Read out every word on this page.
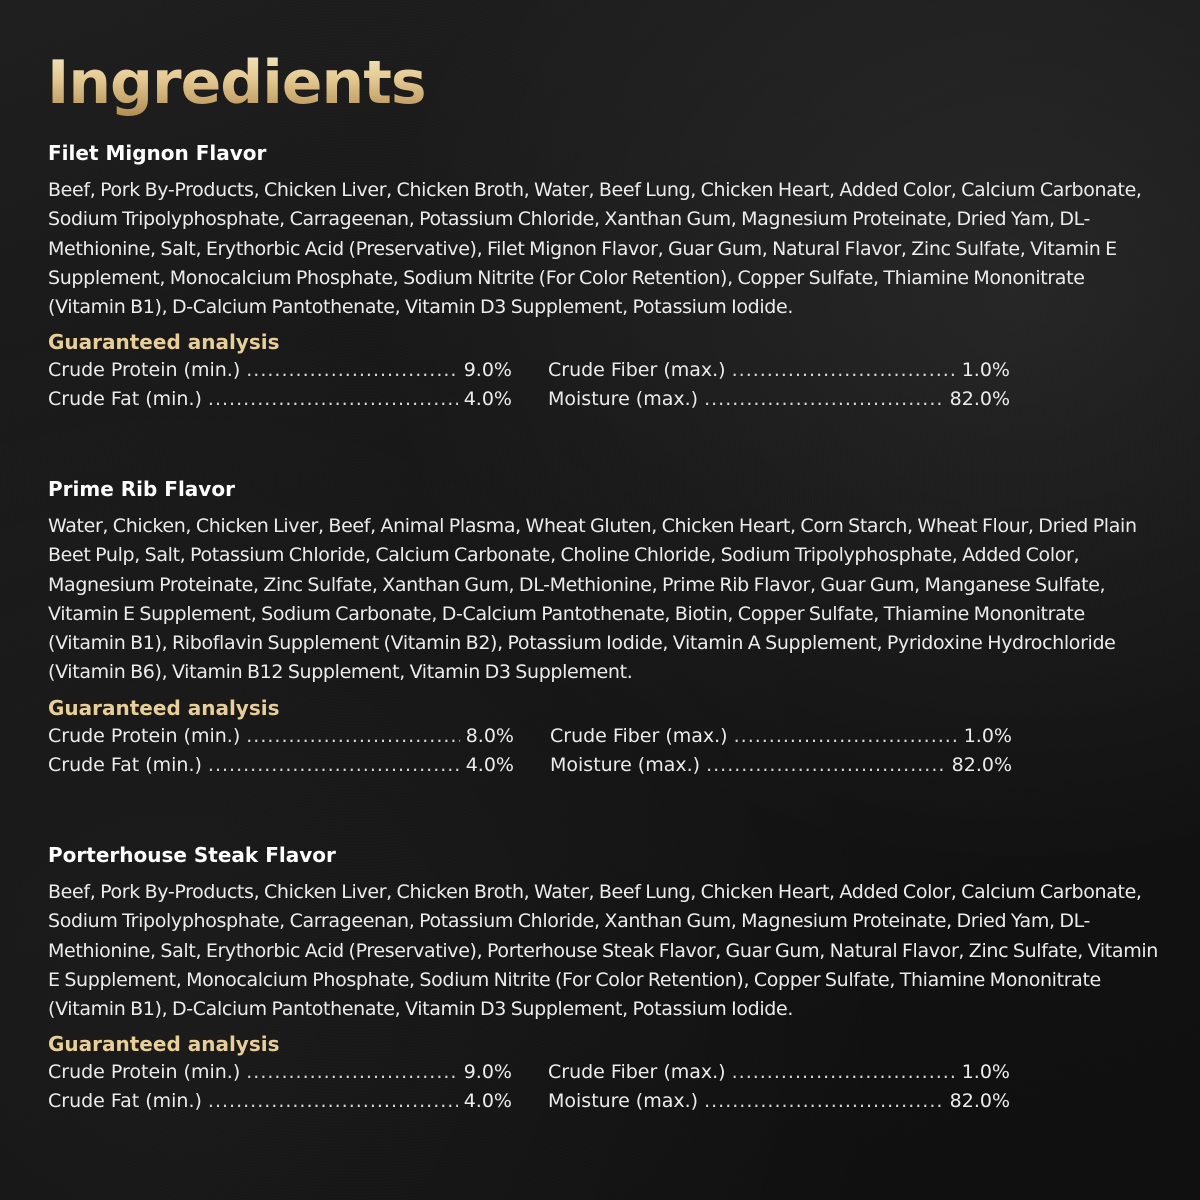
Ingredients
Filet Mignon Flavor

Beef, Pork By-Products, Chicken Liver, Chicken Broth, Water, Beef Lung, Chicken Heart, Added Color, Calcium Carbonate, Sodium Tripolyphosphate, Carrageenan, Potassium Chloride, Xanthan Gum, Magnesium Proteinate, Dried Yam, DL-Methionine, Salt, Erythorbic Acid (Preservative), Filet Mignon Flavor, Guar Gum, Natural Flavor, Zinc Sulfate, Vitamin E Supplement, Monocalcium Phosphate, Sodium Nitrite (For Color Retention), Copper Sulfate, Thiamine Mononitrate (Vitamin B1), D-Calcium Pantothenate, Vitamin D3 Supplement, Potassium Iodide.

Guaranteed analysis
Crude Protein (min.) .....	9.0% Crude Fiber (max.) .....	1.0%
Crude Fat (min.) .....	4.0% Moisture (max.) .....	82.0%
Prime Rib Flavor

Water, Chicken, Chicken Liver, Beef, Animal Plasma, Wheat Gluten, Chicken Heart, Corn Starch, Wheat Flour, Dried Plain Beet Pulp, Salt, Potassium Chloride, Calcium Carbonate, Choline Chloride, Sodium Tripolyphosphate, Added Color, Magnesium Proteinate, Zinc Sulfate, Xanthan Gum, DL-Methionine, Prime Rib Flavor, Guar Gum, Manganese Sulfate, Vitamin E Supplement, Sodium Carbonate, D-Calcium Pantothenate, Biotin, Copper Sulfate, Thiamine Mononitrate (Vitamin B1), Riboflavin Supplement (Vitamin B2), Potassium Iodide, Vitamin A Supplement, Pyridoxine Hydrochloride (Vitamin B6), Vitamin B12 Supplement, Vitamin D3 Supplement.

Guaranteed analysis
Crude Protein (min.) .....	8.0% Crude Fiber (max.) .....	1.0%
Crude Fat (min.) .....	4.0% Moisture (max.) .....	82.0%
Porterhouse Steak Flavor

Beef, Pork By-Products, Chicken Liver, Chicken Broth, Water, Beef Lung, Chicken Heart, Added Color, Calcium Carbonate, Sodium Tripolyphosphate, Carrageenan, Potassium Chloride, Xanthan Gum, Magnesium Proteinate, Dried Yam, DL-Methionine, Salt, Erythorbic Acid (Preservative), Porterhouse Steak Flavor, Guar Gum, Natural Flavor, Zinc Sulfate, Vitamin E Supplement, Monocalcium Phosphate, Sodium Nitrite (For Color Retention), Copper Sulfate, Thiamine Mononitrate (Vitamin B1), D-Calcium Pantothenate, Vitamin D3 Supplement, Potassium Iodide.

Guaranteed analysis
Crude Protein (min.) .....	9.0% Crude Fiber (max.) .....	1.0%
Crude Fat (min.) .....	4.0% Moisture (max.) .....	82.0%
